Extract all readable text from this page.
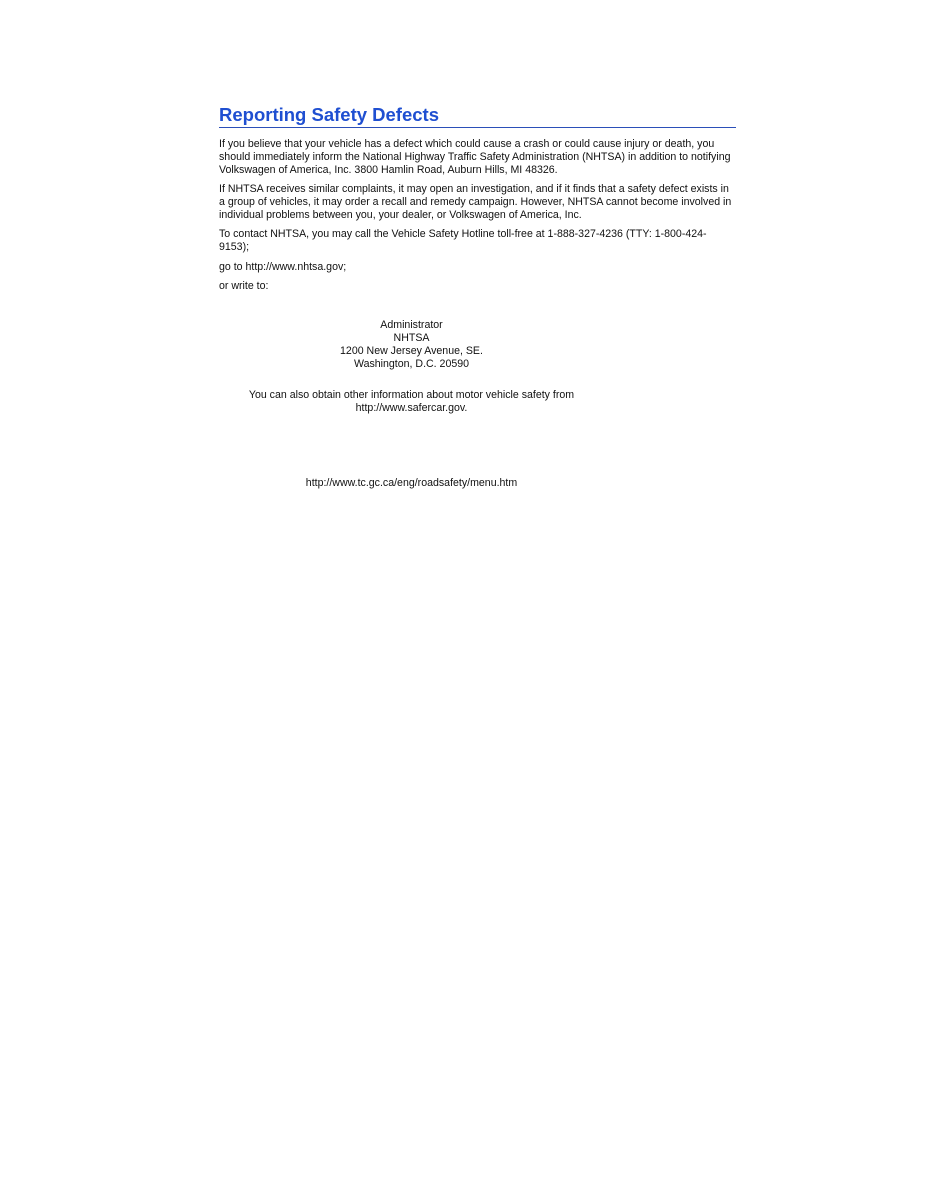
Reporting Safety Defects

If you believe that your vehicle has a defect which could cause a crash or could cause injury or death, you should immediately inform the National Highway Traffic Safety Administration (NHTSA) in addition to notifying Volkswagen of America, Inc. 3800 Hamlin Road, Auburn Hills, MI 48326.

If NHTSA receives similar complaints, it may open an investigation, and if it finds that a safety defect exists in a group of vehicles, it may order a recall and remedy campaign. However, NHTSA cannot become involved in individual problems between you, your dealer, or Volkswagen of America, Inc.

To contact NHTSA, you may call the Vehicle Safety Hotline toll-free at 1-888-327-4236 (TTY: 1-800-424-9153);

go to http://www.nhtsa.gov;

or write to:

Administrator
NHTSA
1200 New Jersey Avenue, SE.
Washington, D.C. 20590
You can also obtain other information about motor vehicle safety from
http://www.safercar.gov.
http://www.tc.gc.ca/eng/roadsafety/menu.htm
